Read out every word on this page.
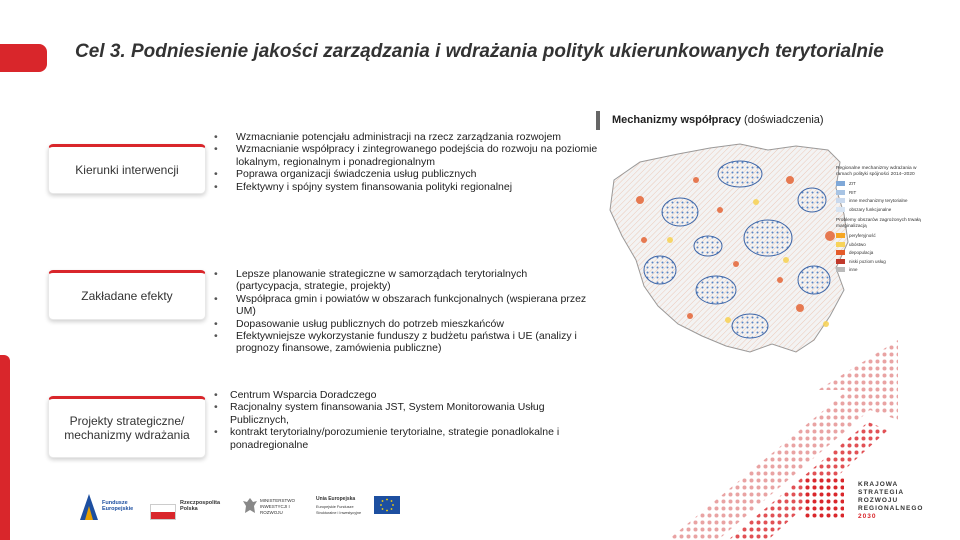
Cel 3. Podniesienie jakości zarządzania i wdrażania polityk ukierunkowanych terytorialnie
Kierunki interwencji
Zakładane efekty
Projekty strategiczne/ mechanizmy wdrażania
• Wzmacnianie potencjału administracji na rzecz zarządzania rozwojem
• Wzmacnianie współpracy i zintegrowanego podejścia do rozwoju na poziomie lokalnym, regionalnym i ponadregionalnym
• Poprawa organizacji świadczenia usług publicznych
• Efektywny i spójny system finansowania polityki regionalnej
• Lepsze planowanie strategiczne w samorządach terytorialnych (partycypacja, strategie, projekty)
• Współpraca gmin i powiatów w obszarach funkcjonalnych (wspierana przez UM)
• Dopasowanie usług publicznych do potrzeb mieszkańców
• Efektywniejsze wykorzystanie funduszy z budżetu państwa i UE (analizy i prognozy finansowe, zamówienia publiczne)
• Centrum Wsparcia Doradczego
• Racjonalny system finansowania JST, System Monitorowania Usług Publicznych,
• kontrakt terytorialny/porozumienie terytorialne, strategie ponadlokalne i ponadregionalne
Mechanizmy współpracy (doświadczenia)
Regionalne mechanizmy wdrażania w ramach polityki spójności 2014–2020
ZIT
RIT
inne mechanizmy terytorialne
obszary funkcjonalne
Problemy obszarów zagrożonych trwałą marginalizacją
peryferyjność
ubóstwo
depopulacja
niski poziom usług
inne
KRAJOWA
STRATEGIA
ROZWOJU
REGIONALNEGO
2030
Fundusze Europejskie
Rzeczpospolita Polska
MINISTERSTWO INWESTYCJI I ROZWOJU
Unia Europejska
Europejskie Fundusze Strukturalne i Inwestycyjne
